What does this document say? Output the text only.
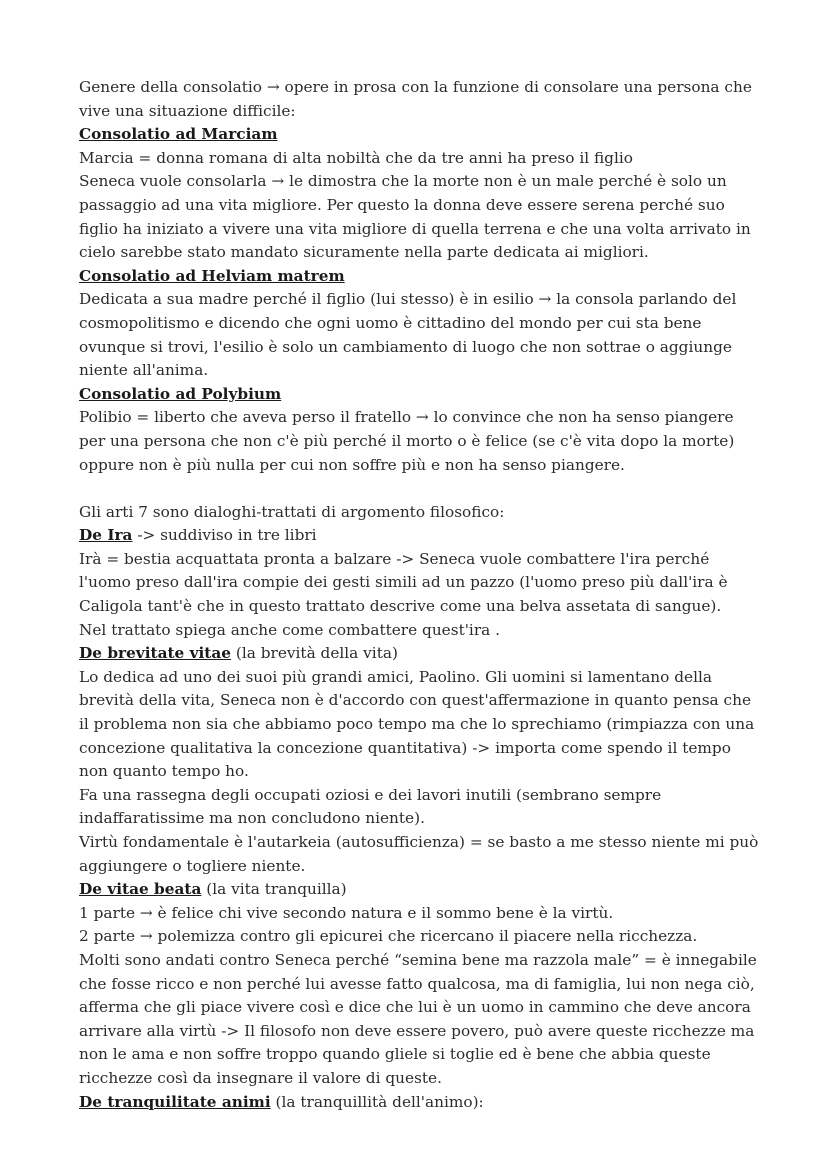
Genere della consolatio → opere in prosa con la funzione di consolare una persona che vive una situazione difficile:

Consolatio ad Marciam

Marcia = donna romana di alta nobiltà che da tre anni ha preso il figlio

Seneca vuole consolarla → le dimostra che la morte non è un male perché è solo un passaggio ad una vita migliore. Per questo la donna deve essere serena perché suo figlio ha iniziato a vivere una vita migliore di quella terrena e che una volta arrivato in cielo sarebbe stato mandato sicuramente nella parte dedicata ai migliori.

Consolatio ad Helviam matrem

Dedicata a sua madre perché il figlio (lui stesso) è in esilio → la consola parlando del cosmopolitismo e dicendo che ogni uomo è cittadino del mondo per cui sta bene ovunque si trovi, l'esilio è solo un cambiamento di luogo che non sottrae o aggiunge niente all'anima.

Consolatio ad Polybium

Polibio = liberto che aveva perso il fratello → lo convince che non ha senso piangere per una persona che non c'è più perché il morto o è felice (se c'è vita dopo la morte) oppure non è più nulla per cui non soffre più e non ha senso piangere.

Gli arti 7 sono dialoghi-trattati di argomento filosofico:

De Ira -> suddiviso in tre libri

Irà = bestia acquattata pronta a balzare -> Seneca vuole combattere l'ira perché l'uomo preso dall'ira compie dei gesti simili ad un pazzo (l'uomo preso più dall'ira è Caligola tant'è che in questo trattato descrive come una belva assetata di sangue).

Nel trattato spiega anche come combattere quest'ira .

De brevitate vitae (la brevità della vita)

Lo dedica ad uno dei suoi più grandi amici, Paolino. Gli uomini si lamentano della brevità della vita, Seneca non è d'accordo con quest'affermazione in quanto pensa che il problema non sia che abbiamo poco tempo ma che lo sprechiamo (rimpiazza con una concezione qualitativa la concezione quantitativa) -> importa come spendo il tempo non quanto tempo ho.

Fa una rassegna degli occupati oziosi e dei lavori inutili (sembrano sempre indaffaratissime ma non concludono niente).

Virtù fondamentale è l'autarkeia (autosufficienza) = se basto a me stesso niente mi può aggiungere o togliere niente.

De vitae beata (la vita tranquilla)

1 parte → è felice chi vive secondo natura e il sommo bene è la virtù.

2 parte → polemizza contro gli epicurei che ricercano il piacere nella ricchezza.

Molti sono andati contro Seneca perché “semina bene ma razzola male” = è innegabile che fosse ricco e non perché lui avesse fatto qualcosa, ma di famiglia, lui non nega ciò, afferma che gli piace vivere così e dice che lui è un uomo in cammino che deve ancora arrivare alla virtù -> Il filosofo non deve essere povero, può avere queste ricchezze ma non le ama e non soffre troppo quando gliele si toglie ed è bene che abbia queste ricchezze così da insegnare il valore di queste.

De tranquilitate animi (la tranquillità dell'animo):
